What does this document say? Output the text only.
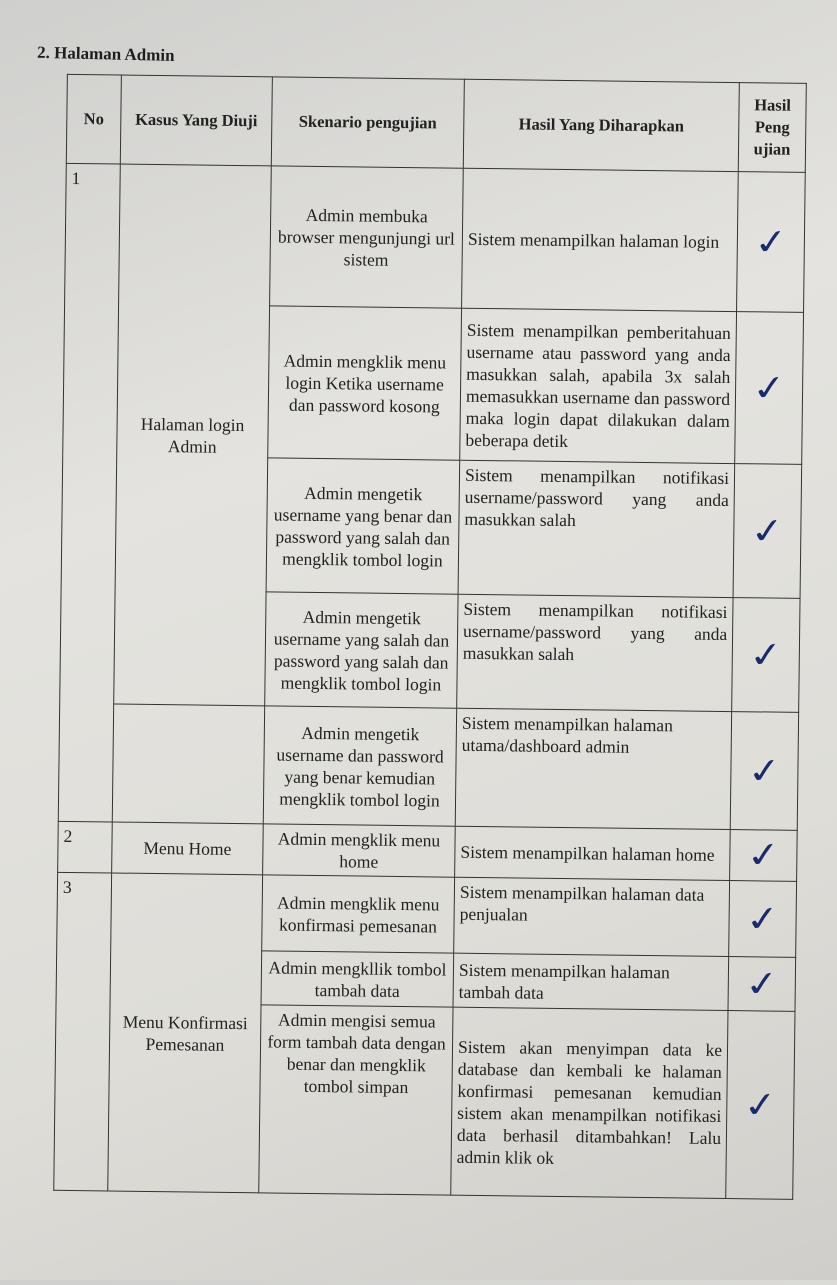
2. Halaman Admin
No	Kasus Yang Diuji	Skenario pengujian	Hasil Yang Diharapkan	Hasil Peng ujian
1	Halaman login Admin	Admin membuka browser mengunjungi url sistem	Sistem menampilkan halaman login	✓
		Admin mengklik menu login Ketika username dan password kosong	Sistem menampilkan pemberitahuan username atau password yang anda masukkan salah, apabila 3x salah memasukkan username dan password maka login dapat dilakukan dalam beberapa detik	✓
		Admin mengetik username yang benar dan password yang salah dan mengklik tombol login	Sistem menampilkan notifikasi username/password yang anda masukkan salah	✓
		Admin mengetik username yang salah dan password yang salah dan mengklik tombol login	Sistem menampilkan notifikasi username/password yang anda masukkan salah	✓
		Admin mengetik username dan password yang benar kemudian mengklik tombol login	Sistem menampilkan halaman utama/dashboard admin	✓
2	Menu Home	Admin mengklik menu home	Sistem menampilkan halaman home	✓
3	Menu Konfirmasi Pemesanan	Admin mengklik menu konfirmasi pemesanan	Sistem menampilkan halaman data penjualan	✓
		Admin mengkllik tombol tambah data	Sistem menampilkan halaman tambah data	✓
		Admin mengisi semua form tambah data dengan benar dan mengklik tombol simpan	Sistem akan menyimpan data ke database dan kembali ke halaman konfirmasi pemesanan kemudian sistem akan menampilkan notifikasi data berhasil ditambahkan! Lalu admin klik ok	✓
